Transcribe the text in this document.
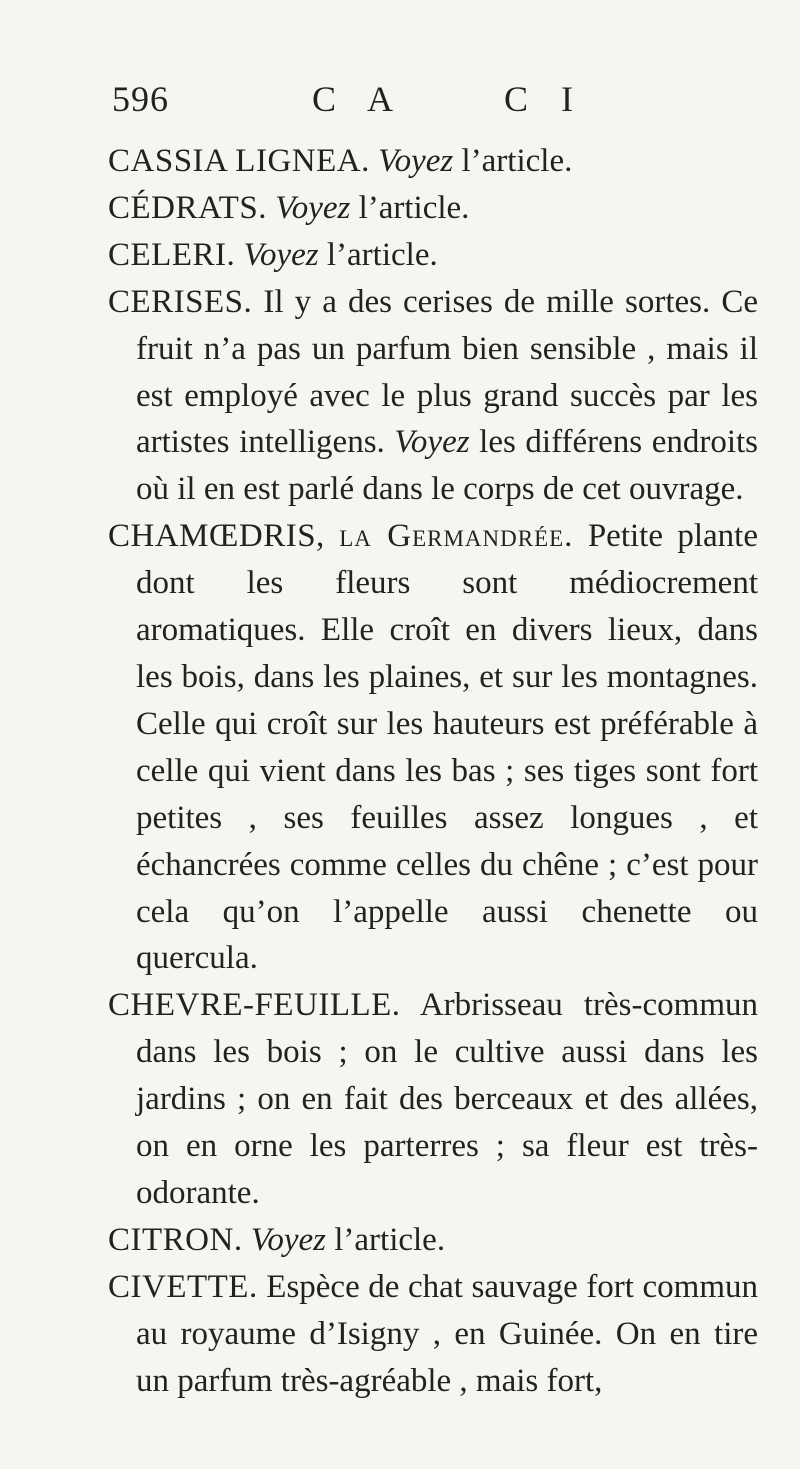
596	C A	C I

CASSIA LIGNEA. Voyez l’article.

CÉDRATS. Voyez l’article.

CELERI. Voyez l’article.

CERISES. Il y a des cerises de mille sortes. Ce fruit n’a pas un parfum bien sensible , mais il est employé avec le plus grand succès par les artistes intelligens. Voyez les différens endroits où il en est parlé dans le corps de cet ouvrage.

CHAMŒDRIS, la Germandrée. Petite plante dont les fleurs sont médiocrement aromatiques. Elle croît en divers lieux, dans les bois, dans les plaines, et sur les montagnes. Celle qui croît sur les hauteurs est préférable à celle qui vient dans les bas ; ses tiges sont fort petites , ses feuilles assez longues , et échancrées comme celles du chêne ; c’est pour cela qu’on l’appelle aussi chenette ou quercula.

CHEVRE-FEUILLE. Arbrisseau très-commun dans les bois ; on le cultive aussi dans les jardins ; on en fait des berceaux et des allées, on en orne les parterres ; sa fleur est très-odorante.

CITRON. Voyez l’article.

CIVETTE. Espèce de chat sauvage fort commun au royaume d’Isigny , en Guinée. On en tire un parfum très-agréable , mais fort,
